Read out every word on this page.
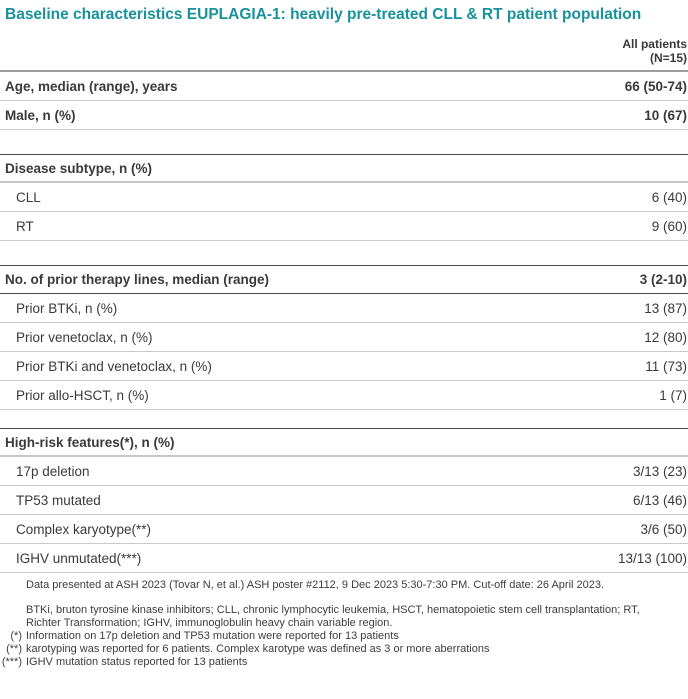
Baseline characteristics EUPLAGIA-1: heavily pre-treated CLL & RT patient population
All patients
(N=15)
Age, median (range), years	66 (50-74)
Male, n (%)	10 (67)
Disease subtype, n (%)
CLL	6 (40)
RT	9 (60)
No. of prior therapy lines, median (range)	3 (2-10)
Prior BTKi, n (%)	13 (87)
Prior venetoclax, n (%)	12 (80)
Prior BTKi and venetoclax, n (%)	11 (73)
Prior allo-HSCT, n (%)	1 (7)
High-risk features(*), n (%)
17p deletion	3/13 (23)
TP53 mutated	6/13 (46)
Complex karyotype(**)	3/6 (50)
IGHV unmutated(***)	13/13 (100)
Data presented at ASH 2023 (Tovar N, et al.) ASH poster #2112, 9 Dec 2023 5:30-7:30 PM. Cut-off date: 26 April 2023.
BTKi, bruton tyrosine kinase inhibitors; CLL, chronic lymphocytic leukemia, HSCT, hematopoietic stem cell transplantation; RT, Richter Transformation; IGHV, immunoglobulin heavy chain variable region.
(*) Information on 17p deletion and TP53 mutation were reported for 13 patients
(**) karotyping was reported for 6 patients. Complex karotype was defined as 3 or more aberrations
(***) IGHV mutation status reported for 13 patients
